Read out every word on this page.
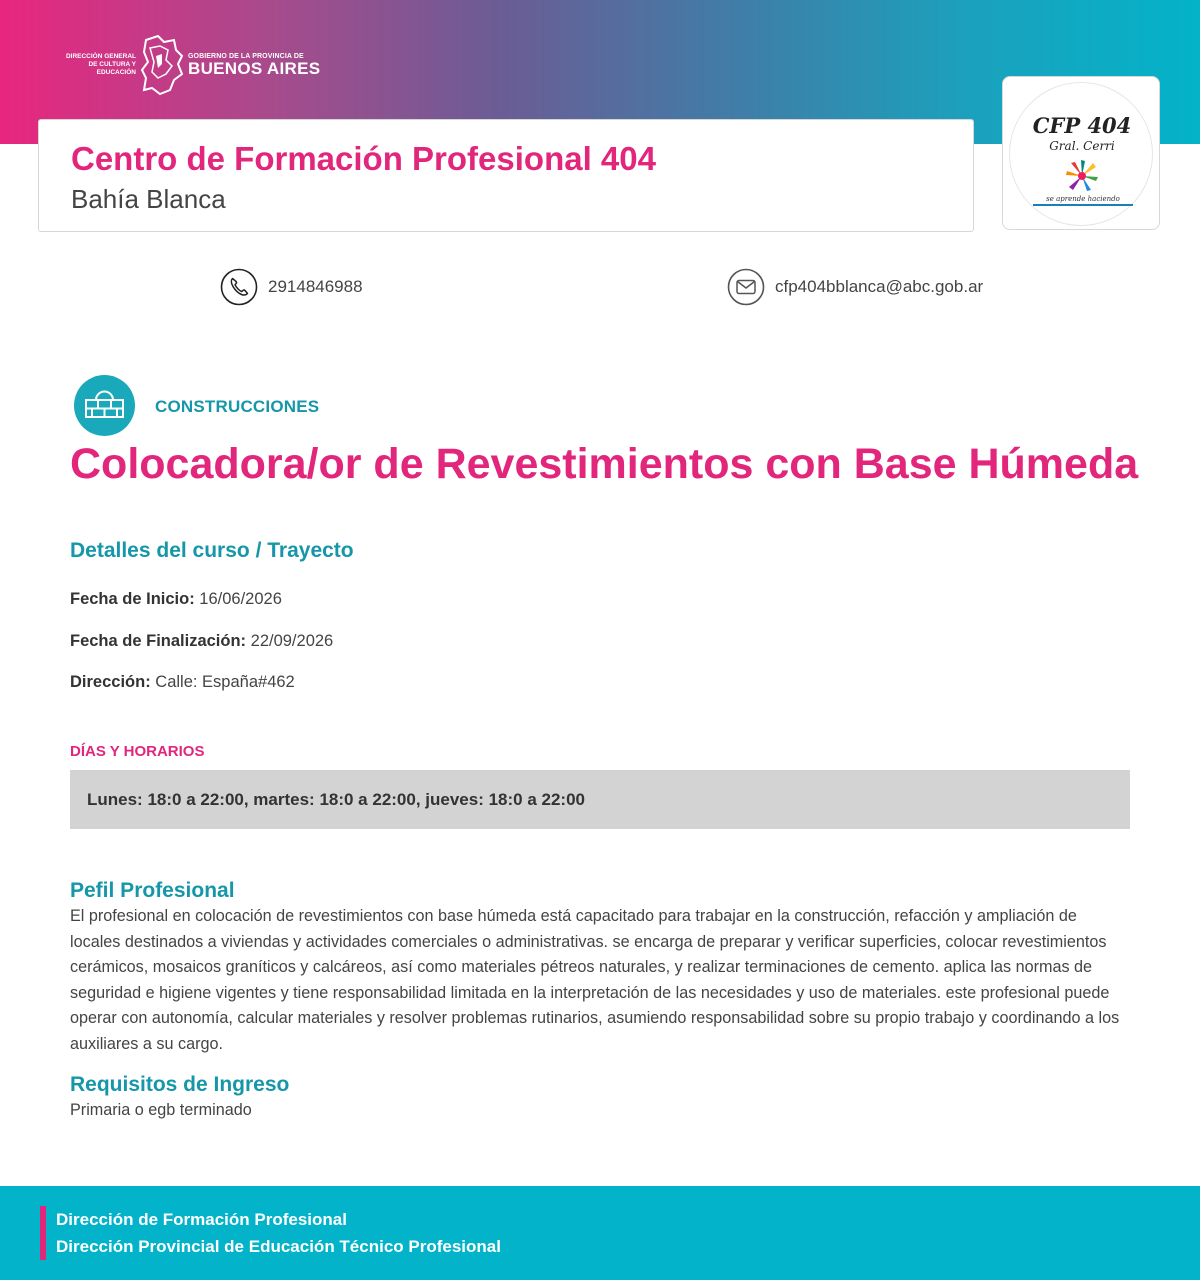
DIRECCIÓN GENERAL DE CULTURA Y EDUCACIÓN
GOBIERNO DE LA PROVINCIA DE
BUENOS AIRES
Centro de Formación Profesional 404
Bahía Blanca
CFP 404
Gral. Cerri
se aprende haciendo
2914846988	cfp404bblanca@abc.gob.ar
CONSTRUCCIONES
Colocadora/or de Revestimientos con Base Húmeda
Detalles del curso / Trayecto
Fecha de Inicio: 16/06/2026
Fecha de Finalización: 22/09/2026
Dirección: Calle: España#462
DÍAS Y HORARIOS
Lunes: 18:0 a 22:00, martes: 18:0 a 22:00, jueves: 18:0 a 22:00
Pefil Profesional
El profesional en colocación de revestimientos con base húmeda está capacitado para trabajar en la construcción, refacción y ampliación de locales destinados a viviendas y actividades comerciales o administrativas. se encarga de preparar y verificar superficies, colocar revestimientos cerámicos, mosaicos graníticos y calcáreos, así como materiales pétreos naturales, y realizar terminaciones de cemento. aplica las normas de seguridad e higiene vigentes y tiene responsabilidad limitada en la interpretación de las necesidades y uso de materiales. este profesional puede operar con autonomía, calcular materiales y resolver problemas rutinarios, asumiendo responsabilidad sobre su propio trabajo y coordinando a los auxiliares a su cargo.
Requisitos de Ingreso
Primaria o egb terminado
Dirección de Formación Profesional
Dirección Provincial de Educación Técnico Profesional
